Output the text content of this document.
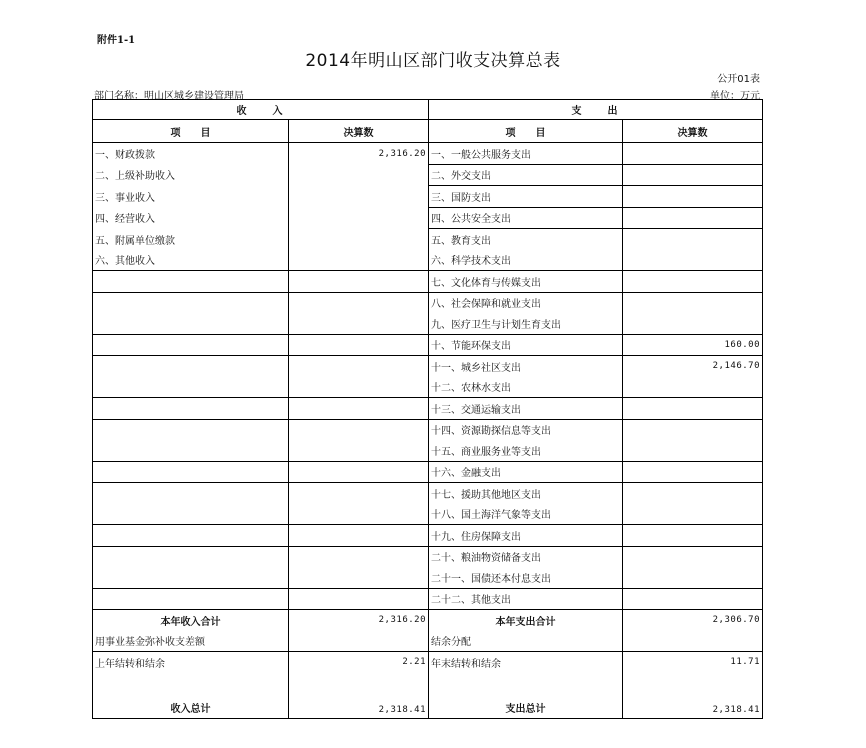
附件1-1
2014年明山区部门收支决算总表
公开01表
部门名称：明山区城乡建设管理局	单位：万元
收　　入		支　　出	
项　　目	决算数	项　　目	决算数
一、财政拨款	2,316.20	一、一般公共服务支出	
二、上级补助收入		二、外交支出	
三、事业收入		三、国防支出	
四、经营收入		四、公共安全支出	
五、附属单位缴款		五、教育支出	
六、其他收入		六、科学技术支出	
		七、文化体育与传媒支出	
		八、社会保障和就业支出	
		九、医疗卫生与计划生育支出	
		十、节能环保支出	160.00
		十一、城乡社区支出	2,146.70
		十二、农林水支出	
		十三、交通运输支出	
		十四、资源勘探信息等支出	
		十五、商业服务业等支出	
		十六、金融支出	
		十七、援助其他地区支出	
		十八、国土海洋气象等支出	
		十九、住房保障支出	
		二十、粮油物资储备支出	
		二十一、国债还本付息支出	
		二十二、其他支出	
本年收入合计	2,316.20	本年支出合计	2,306.70
用事业基金弥补收支差额		结余分配	
上年结转和结余	2.21	年末结转和结余	11.71
收入总计	2,318.41	支出总计	2,318.41
